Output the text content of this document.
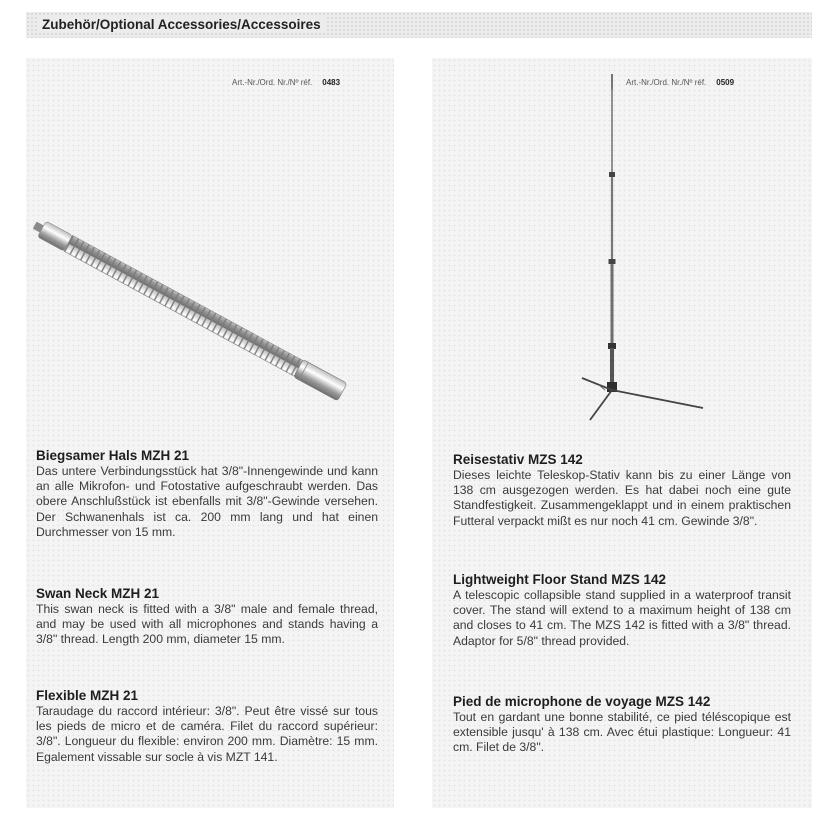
Zubehör/Optional Accessories/Accessoires
Art.-Nr./Ord. Nr./Nº réf. 0483
Biegsamer Hals MZH 21

Das untere Verbindungsstück hat 3/8"-Innengewinde und kann an alle Mikrofon- und Fotostative aufgeschraubt werden. Das obere Anschlußstück ist ebenfalls mit 3/8"-Gewinde versehen. Der Schwanenhals ist ca. 200 mm lang und hat einen Durchmesser von 15 mm.

Swan Neck MZH 21

This swan neck is fitted with a 3/8" male and female thread, and may be used with all microphones and stands having a 3/8" thread. Length 200 mm, diameter 15 mm.

Flexible MZH 21

Taraudage du raccord intérieur: 3/8". Peut être vissé sur tous les pieds de micro et de caméra. Filet du raccord supérieur: 3/8". Longueur du flexible: environ 200 mm. Diamètre: 15 mm. Egalement vissable sur socle à vis MZT 141.

Art.-Nr./Ord. Nr./Nº réf. 0509
Reisestativ MZS 142

Dieses leichte Teleskop-Stativ kann bis zu einer Länge von 138 cm ausgezogen werden. Es hat dabei noch eine gute Standfestigkeit. Zusammengeklappt und in einem praktischen Futteral verpackt mißt es nur noch 41 cm. Gewinde 3/8".

Lightweight Floor Stand MZS 142

A telescopic collapsible stand supplied in a waterproof transit cover. The stand will extend to a maximum height of 138 cm and closes to 41 cm. The MZS 142 is fitted with a 3/8" thread. Adaptor for 5/8" thread provided.

Pied de microphone de voyage MZS 142

Tout en gardant une bonne stabilité, ce pied téléscopique est extensible jusqu' à 138 cm. Avec étui plastique: Longueur: 41 cm. Filet de 3/8".
